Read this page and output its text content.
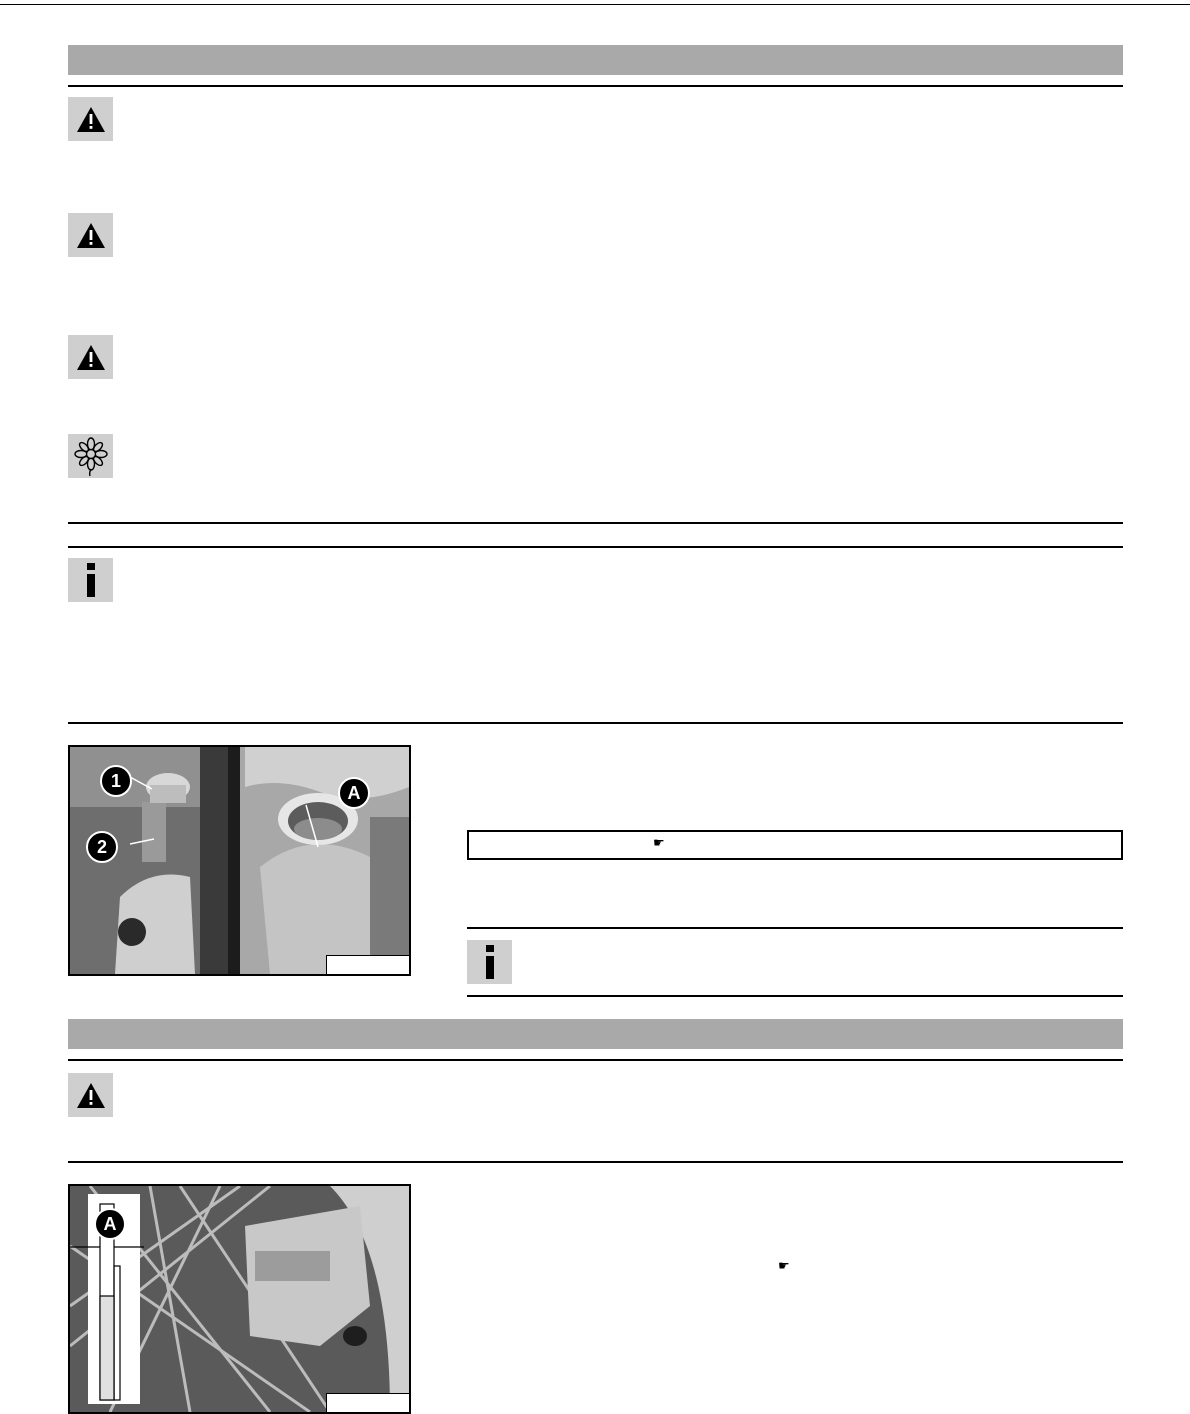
1
2
A
☛
A
☛
